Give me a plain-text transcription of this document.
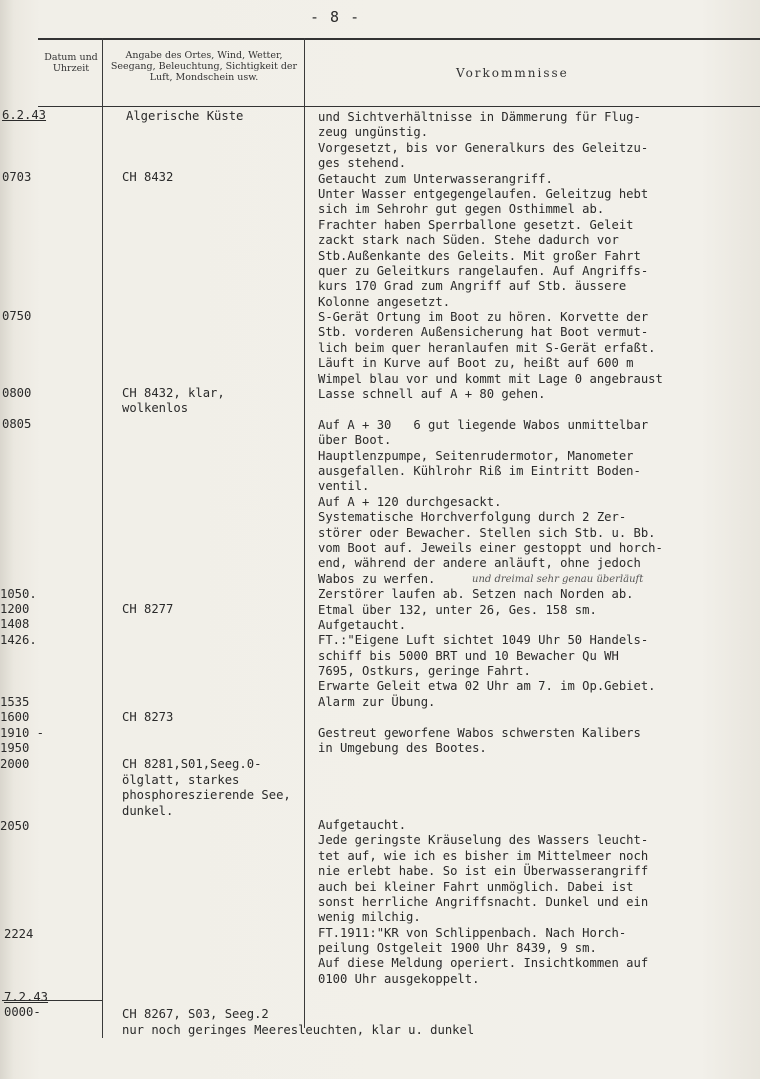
- 8 -
Datum und Uhrzeit
Angabe des Ortes, Wind, Wetter, Seegang, Beleuchtung, Sichtigkeit der Luft, Mondschein usw.	Vorkommnisse
6.2.43
0703
0750
0800
0805
1050.
1200
1408
1426.
1535
1600
1910 -
1950
2000
2050
2224
7.2.43
0000-
Algerische Küste
CH 8432
CH 8432, klar,
wolkenlos
CH 8277
CH 8273
CH 8281,S01,Seeg.0-
ölglatt, starkes
phosphoreszierende See,
dunkel.
CH 8267, S03, Seeg.2
nur noch geringes Meeresleuchten, klar u. dunkel
und Sichtverhältnisse in Dämmerung für Flug-
zeug ungünstig.
Vorgesetzt, bis vor Generalkurs des Geleitzu-
ges stehend.
Getaucht zum Unterwasserangriff.
Unter Wasser entgegengelaufen. Geleitzug hebt
sich im Sehrohr gut gegen Osthimmel ab.
Frachter haben Sperrballone gesetzt. Geleit
zackt stark nach Süden. Stehe dadurch vor
Stb.Außenkante des Geleits. Mit großer Fahrt
quer zu Geleitkurs rangelaufen. Auf Angriffs-
kurs 170 Grad zum Angriff auf Stb. äussere
Kolonne angesetzt.
S-Gerät Ortung im Boot zu hören. Korvette der
Stb. vorderen Außensicherung hat Boot vermut-
lich beim quer heranlaufen mit S-Gerät erfaßt.
Läuft in Kurve auf Boot zu, heißt auf 600 m
Wimpel blau vor und kommt mit Lage 0 angebraust
Lasse schnell auf A + 80 gehen.
Auf A + 30   6 gut liegende Wabos unmittelbar
über Boot.
Hauptlenzpumpe, Seitenrudermotor, Manometer
ausgefallen. Kühlrohr Riß im Eintritt Boden-
ventil.
Auf A + 120 durchgesackt.
Systematische Horchverfolgung durch 2 Zer-
störer oder Bewacher. Stellen sich Stb. u. Bb.
vom Boot auf. Jeweils einer gestoppt und horch-
end, während der andere anläuft, ohne jedoch
Wabos zu werfen.
Zerstörer laufen ab. Setzen nach Norden ab.
Etmal über 132, unter 26, Ges. 158 sm.
Aufgetaucht.
FT.:"Eigene Luft sichtet 1049 Uhr 50 Handels-
schiff bis 5000 BRT und 10 Bewacher Qu WH
7695, Ostkurs, geringe Fahrt.
Erwarte Geleit etwa 02 Uhr am 7. im Op.Gebiet.
Alarm zur Übung.
Gestreut geworfene Wabos schwersten Kalibers
in Umgebung des Bootes.
Aufgetaucht.
Jede geringste Kräuselung des Wassers leucht-
tet auf, wie ich es bisher im Mittelmeer noch
nie erlebt habe. So ist ein Überwasserangriff
auch bei kleiner Fahrt unmöglich. Dabei ist
sonst herrliche Angriffsnacht. Dunkel und ein
wenig milchig.
FT.1911:"KR von Schlippenbach. Nach Horch-
peilung Ostgeleit 1900 Uhr 8439, 9 sm.
Auf diese Meldung operiert. Insichtkommen auf
0100 Uhr ausgekoppelt.
und dreimal sehr genau überläuft
